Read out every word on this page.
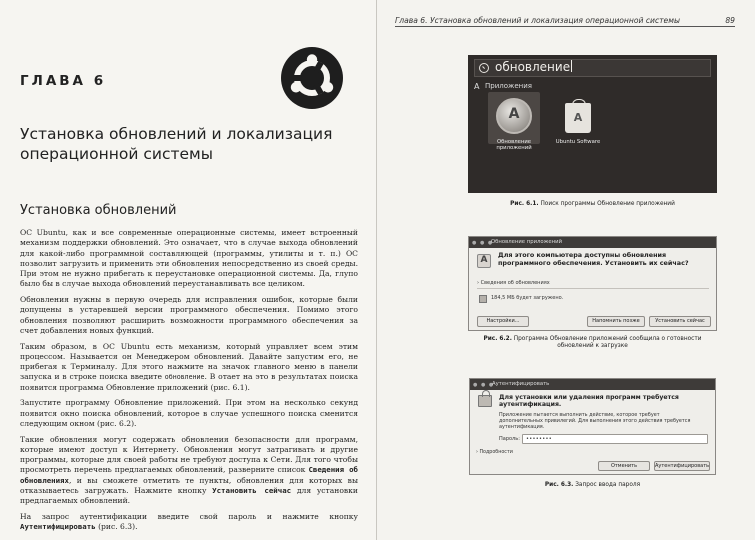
ГЛАВА 6
Установка обновлений и локализация операционной системы
Установка обновлений

ОС Ubuntu, как и все современные операционные системы, имеет встроенный механизм поддержки обновлений. Это означает, что в случае выхода обновлений для какой-либо программной составляющей (программы, утилиты и т. п.) ОС позволит загрузить и применить эти обновления непосредственно из своей среды. При этом не нужно прибегать к переустановке операционной системы. Да, глупо было бы в случае выхода обновлений переустанавливать все целиком.

Обновления нужны в первую очередь для исправления ошибок, которые были допущены в устаревшей версии программного обеспечения. Помимо этого обновления позволяют расширить возможности программного обеспечения за счет добавления новых функций.

Таким образом, в ОС Ubuntu есть механизм, который управляет всем этим процессом. Называется он Менеджером обновлений. Давайте запустим его, не прибегая к Терминалу. Для этого нажмите на значок главного меню в панели запуска и в строке поиска введите обновление. В отает на это в результатах поиска появится программа Обновление приложений (рис. 6.1).

Запустите программу Обновление приложений. При этом на несколько секунд появится окно поиска обновлений, которое в случае успешного поиска сменится следующим окном (рис. 6.2).

Такие обновления могут содержать обновления безопасности для программ, которые имеют доступ к Интернету. Обновления могут затрагивать и другие программы, которые для своей работы не требуют доступа к Сети. Для того чтобы просмотреть перечень предлагаемых обновлений, разверните список Сведения об обновлениях, и вы сможете отметить те пункты, обновления для которых вы отказываетесь загружать. Нажмите кнопку Установить сейчас для установки предлагаемых обновлений.

На запрос аутентификации введите свой пароль и нажмите кнопку Аутентифицировать (рис. 6.3).

Глава 6. Установка обновлений и локализация операционной системы	89
обновление
A Приложения
A
Обновление приложений
A
Ubuntu Software
Рис. 6.1. Поиск программы Обновление приложений
● ● ●
Обновление приложений
A	Для этого компьютера доступны обновления программного обеспечения. Установить их сейчас?
› Сведения об обновлениях
184,5 МБ будет загружено.
Настройки...	Напомнить позже	Установить сейчас
Рис. 6.2. Программа Обновление приложений сообщила о готовности обновлений к загрузке
● ● ●
Аутентифицировать
Для установки или удаления программ требуется аутентификация.
Приложение пытается выполнить действие, которое требует дополнительных привилегий. Для выполнения этого действия требуется аутентификация.
Пароль:	••••••••
› Подробности
Отменить	Аутентифицировать
Рис. 6.3. Запрос ввода пароля
